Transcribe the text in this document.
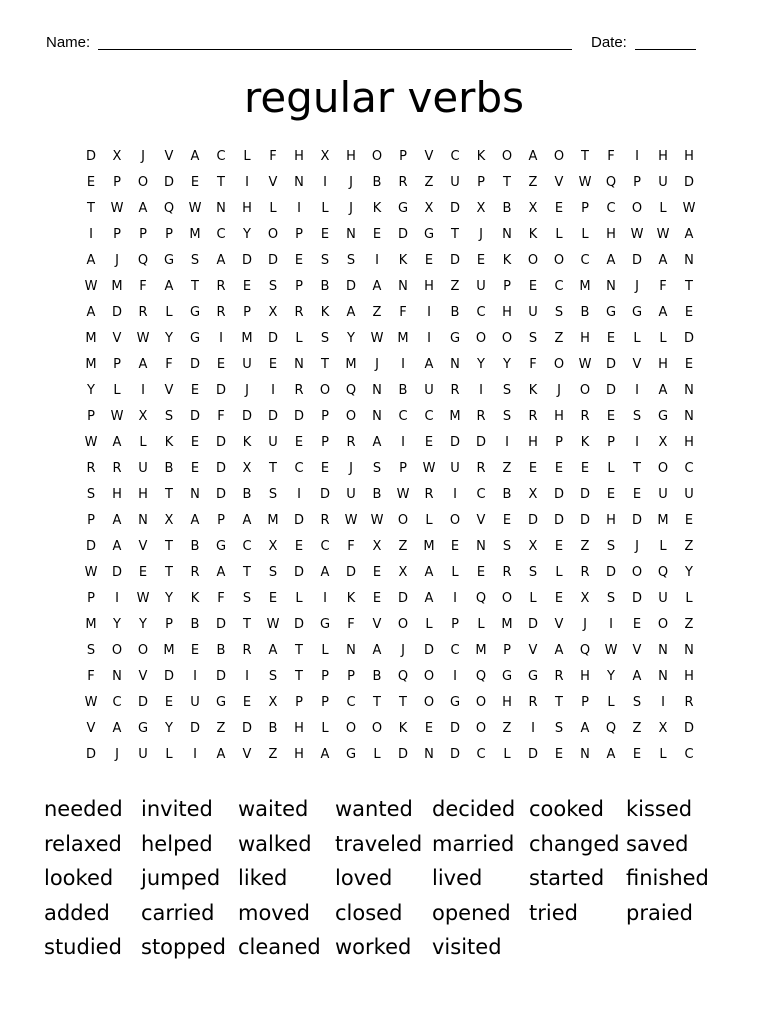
Name:	Date:
regular verbs
D	X	J	V	A	C	L	F	H	X	H	O	P	V	C	K	O	A	O	T	F	I	H	H
E	P	O	D	E	T	I	V	N	I	J	B	R	Z	U	P	T	Z	V	W	Q	P	U	D
T	W	A	Q	W	N	H	L	I	L	J	K	G	X	D	X	B	X	E	P	C	O	L	W
I	P	P	P	M	C	Y	O	P	E	N	E	D	G	T	J	N	K	L	L	H	W	W	A
A	J	Q	G	S	A	D	D	E	S	S	I	K	E	D	E	K	O	O	C	A	D	A	N
W	M	F	A	T	R	E	S	P	B	D	A	N	H	Z	U	P	E	C	M	N	J	F	T
A	D	R	L	G	R	P	X	R	K	A	Z	F	I	B	C	H	U	S	B	G	G	A	E
M	V	W	Y	G	I	M	D	L	S	Y	W	M	I	G	O	O	S	Z	H	E	L	L	D
M	P	A	F	D	E	U	E	N	T	M	J	I	A	N	Y	Y	F	O	W	D	V	H	E
Y	L	I	V	E	D	J	I	R	O	Q	N	B	U	R	I	S	K	J	O	D	I	A	N
P	W	X	S	D	F	D	D	D	P	O	N	C	C	M	R	S	R	H	R	E	S	G	N
W	A	L	K	E	D	K	U	E	P	R	A	I	E	D	D	I	H	P	K	P	I	X	H
R	R	U	B	E	D	X	T	C	E	J	S	P	W	U	R	Z	E	E	E	L	T	O	C
S	H	H	T	N	D	B	S	I	D	U	B	W	R	I	C	B	X	D	D	E	E	U	U
P	A	N	X	A	P	A	M	D	R	W	W	O	L	O	V	E	D	D	D	H	D	M	E
D	A	V	T	B	G	C	X	E	C	F	X	Z	M	E	N	S	X	E	Z	S	J	L	Z
W	D	E	T	R	A	T	S	D	A	D	E	X	A	L	E	R	S	L	R	D	O	Q	Y
P	I	W	Y	K	F	S	E	L	I	K	E	D	A	I	Q	O	L	E	X	S	D	U	L
M	Y	Y	P	B	D	T	W	D	G	F	V	O	L	P	L	M	D	V	J	I	E	O	Z
S	O	O	M	E	B	R	A	T	L	N	A	J	D	C	M	P	V	A	Q	W	V	N	N
F	N	V	D	I	D	I	S	T	P	P	B	Q	O	I	Q	G	G	R	H	Y	A	N	H
W	C	D	E	U	G	E	X	P	P	C	T	T	O	G	O	H	R	T	P	L	S	I	R
V	A	G	Y	D	Z	D	B	H	L	O	O	K	E	D	O	Z	I	S	A	Q	Z	X	D
D	J	U	L	I	A	V	Z	H	A	G	L	D	N	D	C	L	D	E	N	A	E	L	C
needed invited	waited	wanted decided cooked	kissed
relaxed helped	walked	traveled married changed saved
looked	jumped liked	loved	lived	started	finished
added	carried	moved	closed	opened tried	praied
studied stopped cleaned worked visited
